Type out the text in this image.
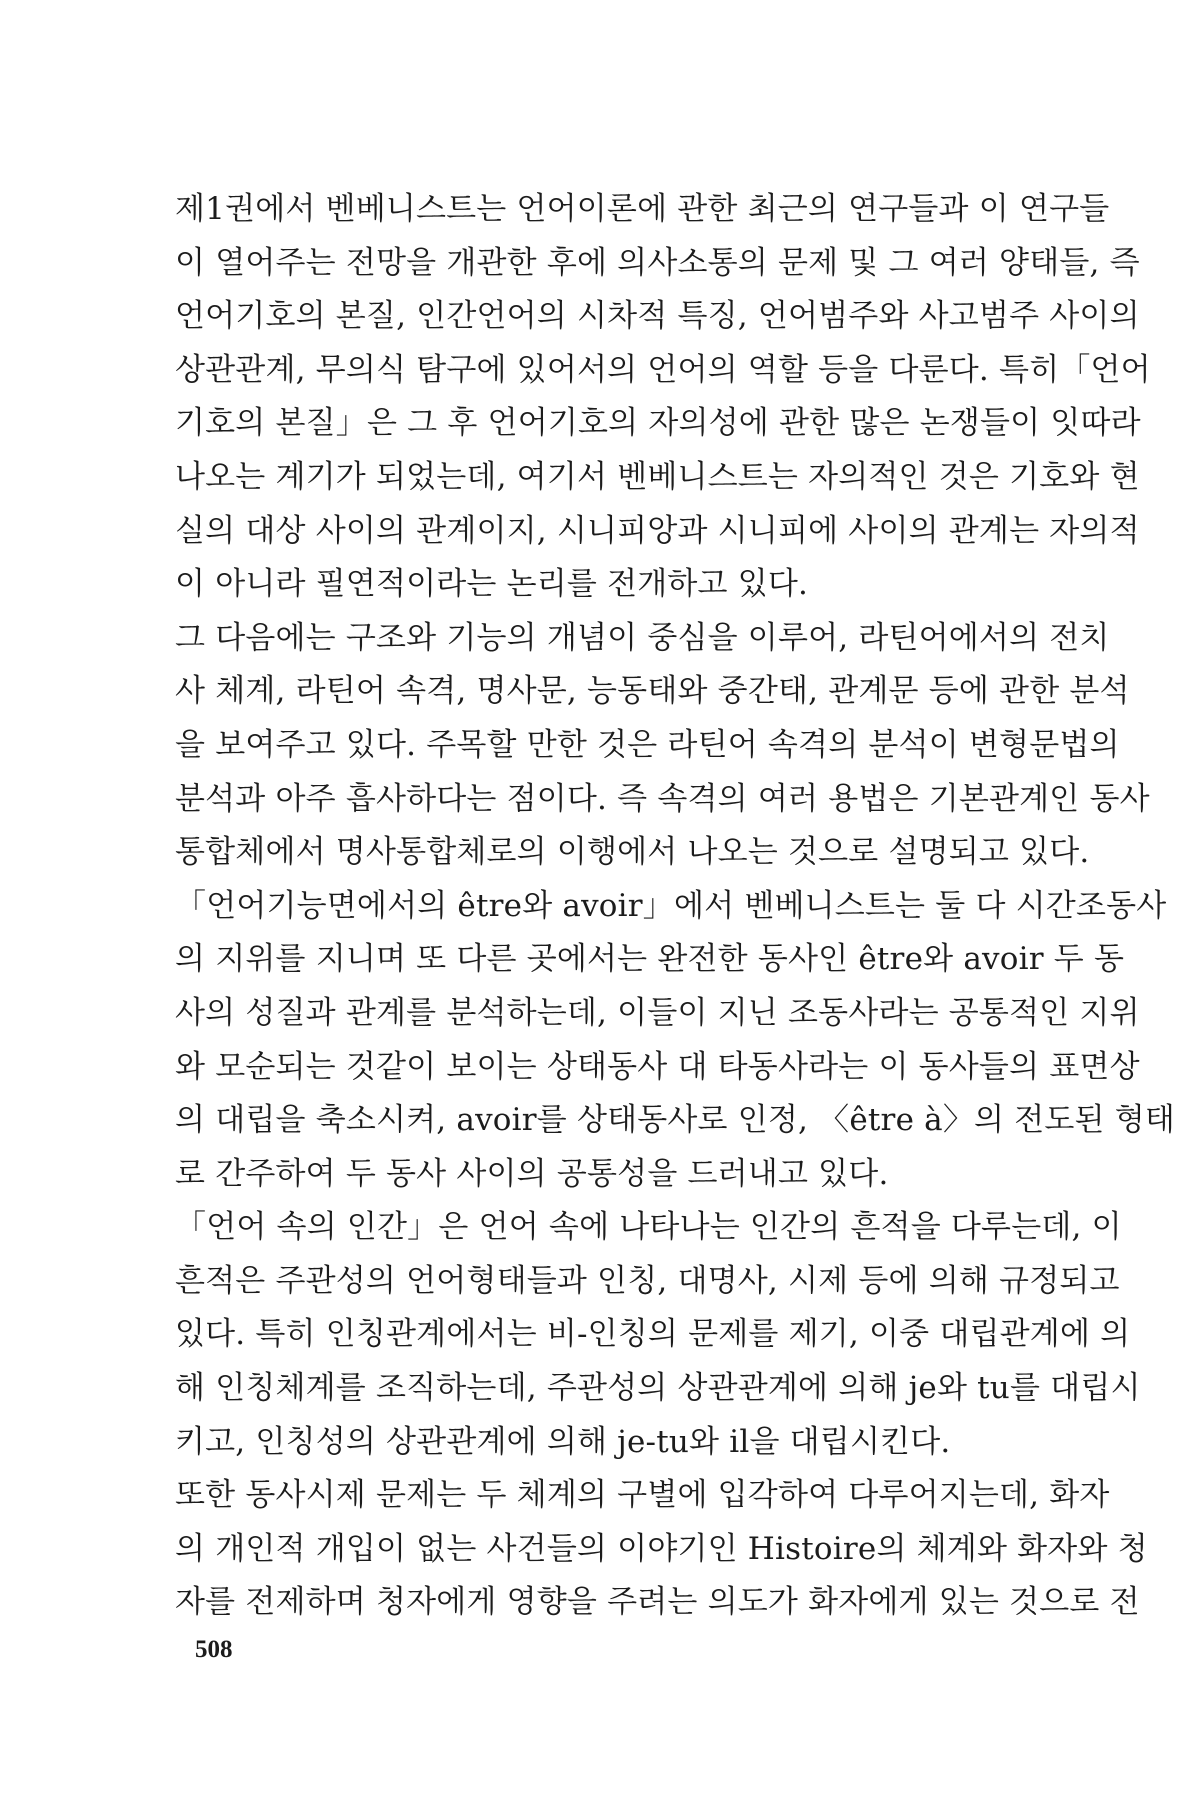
제1권에서 벤베니스트는 언어이론에 관한 최근의 연구들과 이 연구들
이 열어주는 전망을 개관한 후에 의사소통의 문제 및 그 여러 양태들, 즉
언어기호의 본질, 인간언어의 시차적 특징, 언어범주와 사고범주 사이의
상관관계, 무의식 탐구에 있어서의 언어의 역할 등을 다룬다. 특히「언어
기호의 본질」은 그 후 언어기호의 자의성에 관한 많은 논쟁들이 잇따라
나오는 계기가 되었는데, 여기서 벤베니스트는 자의적인 것은 기호와 현
실의 대상 사이의 관계이지, 시니피앙과 시니피에 사이의 관계는 자의적
이 아니라 필연적이라는 논리를 전개하고 있다.
그 다음에는 구조와 기능의 개념이 중심을 이루어, 라틴어에서의 전치
사 체계, 라틴어 속격, 명사문, 능동태와 중간태, 관계문 등에 관한 분석
을 보여주고 있다. 주목할 만한 것은 라틴어 속격의 분석이 변형문법의
분석과 아주 흡사하다는 점이다. 즉 속격의 여러 용법은 기본관계인 동사
통합체에서 명사통합체로의 이행에서 나오는 것으로 설명되고 있다.
「언어기능면에서의 être와 avoir」에서 벤베니스트는 둘 다 시간조동사
의 지위를 지니며 또 다른 곳에서는 완전한 동사인 être와 avoir 두 동
사의 성질과 관계를 분석하는데, 이들이 지닌 조동사라는 공통적인 지위
와 모순되는 것같이 보이는 상태동사 대 타동사라는 이 동사들의 표면상
의 대립을 축소시켜, avoir를 상태동사로 인정, 〈être à〉의 전도된 형태
로 간주하여 두 동사 사이의 공통성을 드러내고 있다.
「언어 속의 인간」은 언어 속에 나타나는 인간의 흔적을 다루는데, 이
흔적은 주관성의 언어형태들과 인칭, 대명사, 시제 등에 의해 규정되고
있다. 특히 인칭관계에서는 비-인칭의 문제를 제기, 이중 대립관계에 의
해 인칭체계를 조직하는데, 주관성의 상관관계에 의해 je와 tu를 대립시
키고, 인칭성의 상관관계에 의해 je-tu와 il을 대립시킨다.
또한 동사시제 문제는 두 체계의 구별에 입각하여 다루어지는데, 화자
의 개인적 개입이 없는 사건들의 이야기인 Histoire의 체계와 화자와 청
자를 전제하며 청자에게 영향을 주려는 의도가 화자에게 있는 것으로 전
508
